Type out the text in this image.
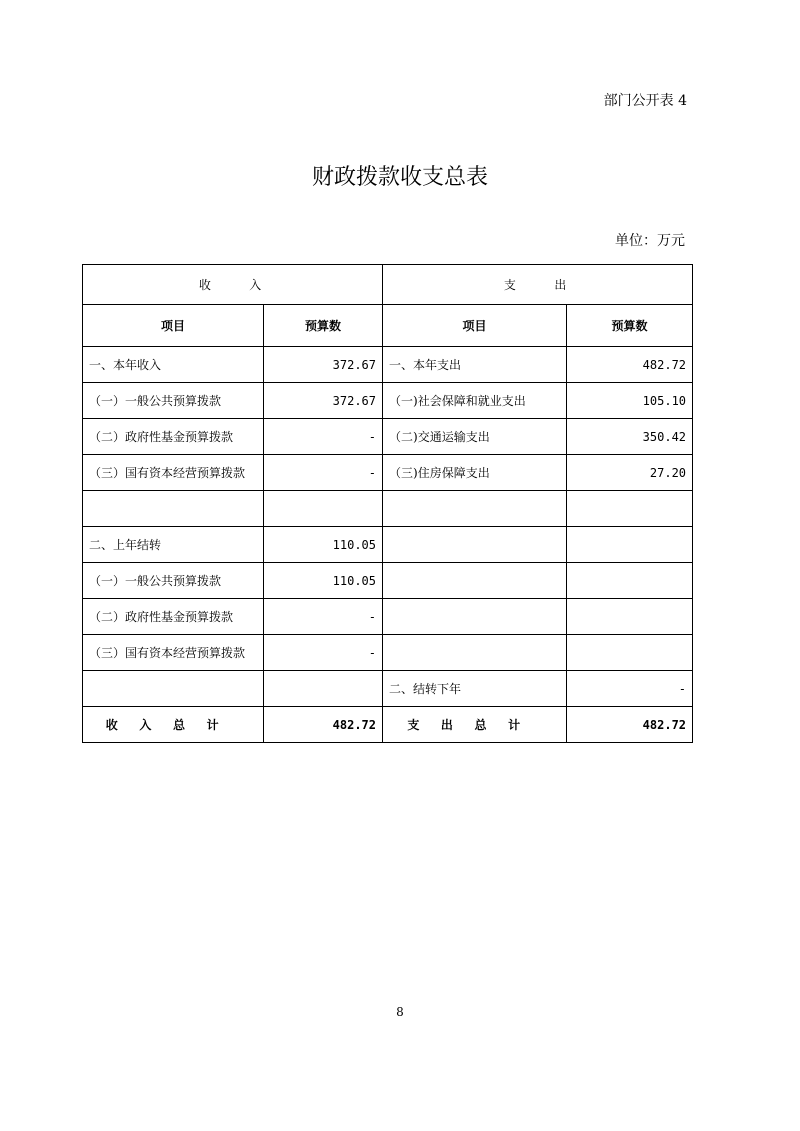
部门公开表 4
财政拨款收支总表
单位：万元
收　　入		支　　出	
项目	预算数	项目	预算数
一、本年收入	372.67	一、本年支出	482.72
（一）一般公共预算拨款	372.67	（一)社会保障和就业支出	105.10
（二）政府性基金预算拨款	-	（二)交通运输支出	350.42
（三）国有资本经营预算拨款	-	（三)住房保障支出	27.20

二、上年结转	110.05		
（一）一般公共预算拨款	110.05		
（二）政府性基金预算拨款	-		
（三）国有资本经营预算拨款	-		
		二、结转下年	-
收入总计	482.72	支出总计	482.72
8
